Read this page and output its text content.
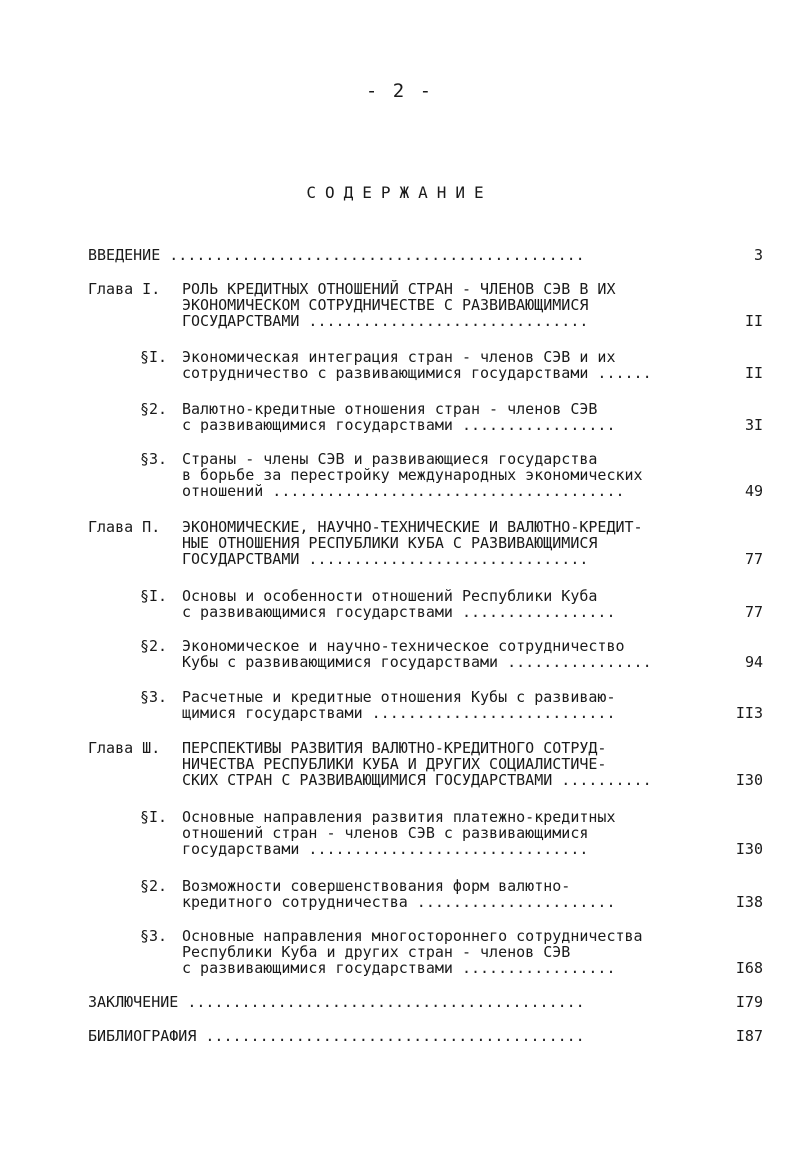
- 2 -
СОДЕРЖАНИЕ
ВВЕДЕНИЕ ..............................................	3
Глава I. РОЛЬ КРЕДИТНЫХ ОТНОШЕНИЙ СТРАН - ЧЛЕНОВ СЭВ В ИХ
ЭКОНОМИЧЕСКОМ СОТРУДНИЧЕСТВЕ С РАЗВИВАЮЩИМИСЯ
ГОСУДАРСТВАМИ ...............................	II
§I. Экономическая интеграция стран - членов СЭВ и их
сотрудничество с развивающимися государствами ......	II
§2. Валютно-кредитные отношения стран - членов СЭВ
с развивающимися государствами .................	3I
§3. Страны - члены СЭВ и развивающиеся государства
в борьбе за перестройку международных экономических
отношений .......................................	49
Глава П. ЭКОНОМИЧЕСКИЕ, НАУЧНО-ТЕХНИЧЕСКИЕ И ВАЛЮТНО-КРЕДИТ-
НЫЕ ОТНОШЕНИЯ РЕСПУБЛИКИ КУБА С РАЗВИВАЮЩИМИСЯ
ГОСУДАРСТВАМИ ...............................	77
§I. Основы и особенности отношений Республики Куба
с развивающимися государствами .................	77
§2. Экономическое и научно-техническое сотрудничество
Кубы с развивающимися государствами ................	94
§3. Расчетные и кредитные отношения Кубы с развиваю-
щимися государствами ...........................	II3
Глава Ш. ПЕРСПЕКТИВЫ РАЗВИТИЯ ВАЛЮТНО-КРЕДИТНОГО СОТРУД-
НИЧЕСТВА РЕСПУБЛИКИ КУБА И ДРУГИХ СОЦИАЛИСТИЧЕ-
СКИХ СТРАН С РАЗВИВАЮЩИМИСЯ ГОСУДАРСТВАМИ ..........	I30
§I. Основные направления развития платежно-кредитных
отношений стран - членов СЭВ с развивающимися
государствами ...............................	I30
§2. Возможности совершенствования форм валютно-
кредитного сотрудничества ......................	I38
§3. Основные направления многостороннего сотрудничества
Республики Куба и других стран - членов СЭВ
с развивающимися государствами .................	I68
ЗАКЛЮЧЕНИЕ ............................................	I79
БИБЛИОГРАФИЯ ..........................................	I87
